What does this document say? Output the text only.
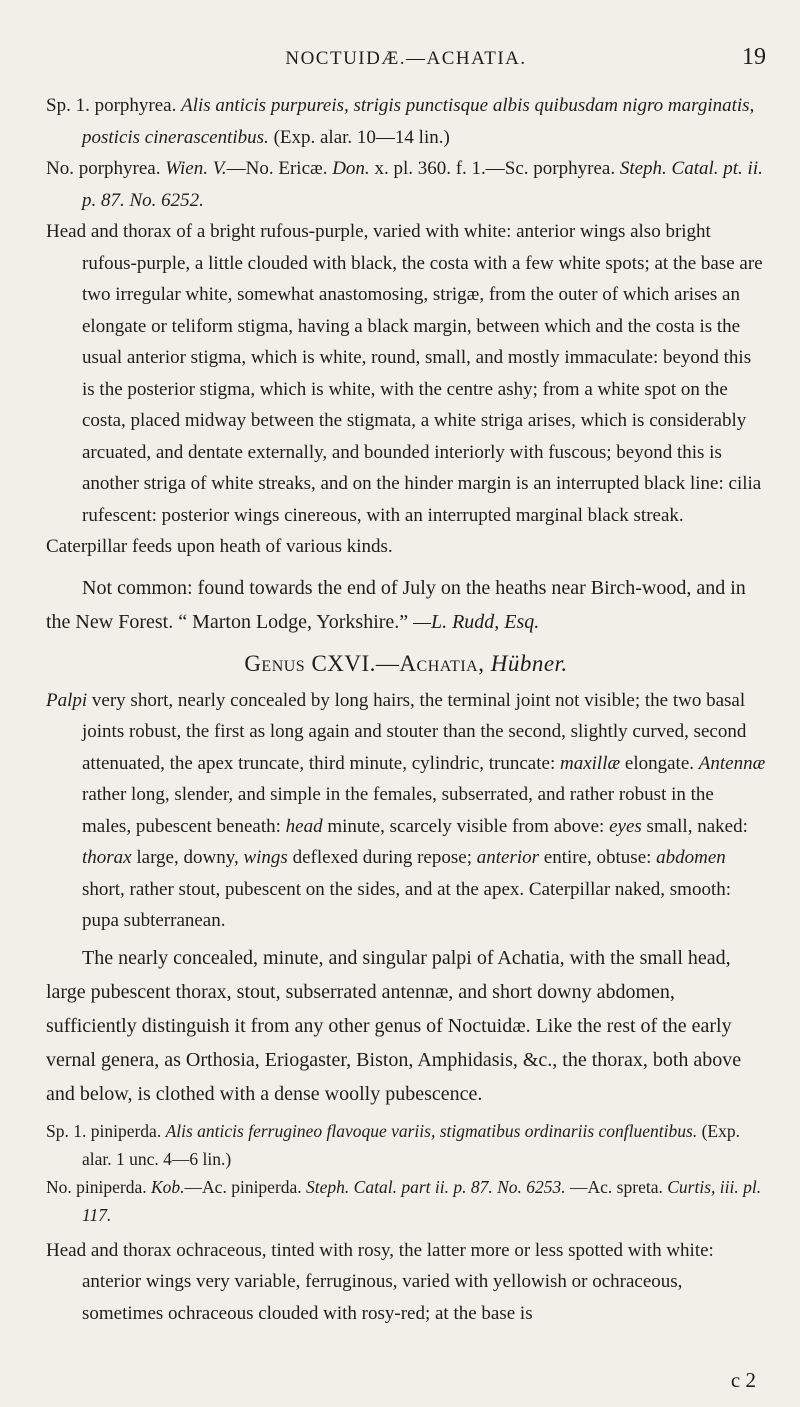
NOCTUIDÆ.—ACHATIA.	19

Sp. 1. porphyrea. Alis anticis purpureis, strigis punctisque albis quibusdam nigro marginatis, posticis cinerascentibus. (Exp. alar. 10—14 lin.)

No. porphyrea. Wien. V.—No. Ericæ. Don. x. pl. 360. f. 1.—Sc. porphyrea. Steph. Catal. pt. ii. p. 87. No. 6252.

Head and thorax of a bright rufous-purple, varied with white: anterior wings also bright rufous-purple, a little clouded with black, the costa with a few white spots; at the base are two irregular white, somewhat anastomosing, strigæ, from the outer of which arises an elongate or teliform stigma, having a black margin, between which and the costa is the usual anterior stigma, which is white, round, small, and mostly immaculate: beyond this is the posterior stigma, which is white, with the centre ashy; from a white spot on the costa, placed midway between the stigmata, a white striga arises, which is considerably arcuated, and dentate externally, and bounded interiorly with fuscous; beyond this is another striga of white streaks, and on the hinder margin is an interrupted black line: cilia rufescent: posterior wings cinereous, with an interrupted marginal black streak.

Caterpillar feeds upon heath of various kinds.

Not common: found towards the end of July on the heaths near Birch-wood, and in the New Forest. “ Marton Lodge, Yorkshire.” —L. Rudd, Esq.

Genus CXVI.—Achatia, Hübner.

Palpi very short, nearly concealed by long hairs, the terminal joint not visible; the two basal joints robust, the first as long again and stouter than the second, slightly curved, second attenuated, the apex truncate, third minute, cylindric, truncate: maxillæ elongate. Antennæ rather long, slender, and simple in the females, subserrated, and rather robust in the males, pubescent beneath: head minute, scarcely visible from above: eyes small, naked: thorax large, downy, wings deflexed during repose; anterior entire, obtuse: abdomen short, rather stout, pubescent on the sides, and at the apex. Caterpillar naked, smooth: pupa subterranean.

The nearly concealed, minute, and singular palpi of Achatia, with the small head, large pubescent thorax, stout, subserrated antennæ, and short downy abdomen, sufficiently distinguish it from any other genus of Noctuidæ. Like the rest of the early vernal genera, as Orthosia, Eriogaster, Biston, Amphidasis, &c., the thorax, both above and below, is clothed with a dense woolly pubescence.

Sp. 1. piniperda. Alis anticis ferrugineo flavoque variis, stigmatibus ordinariis confluentibus. (Exp. alar. 1 unc. 4—6 lin.)

No. piniperda. Kob.—Ac. piniperda. Steph. Catal. part ii. p. 87. No. 6253. —Ac. spreta. Curtis, iii. pl. 117.

Head and thorax ochraceous, tinted with rosy, the latter more or less spotted with white: anterior wings very variable, ferruginous, varied with yellowish or ochraceous, sometimes ochraceous clouded with rosy-red; at the base is

c 2
